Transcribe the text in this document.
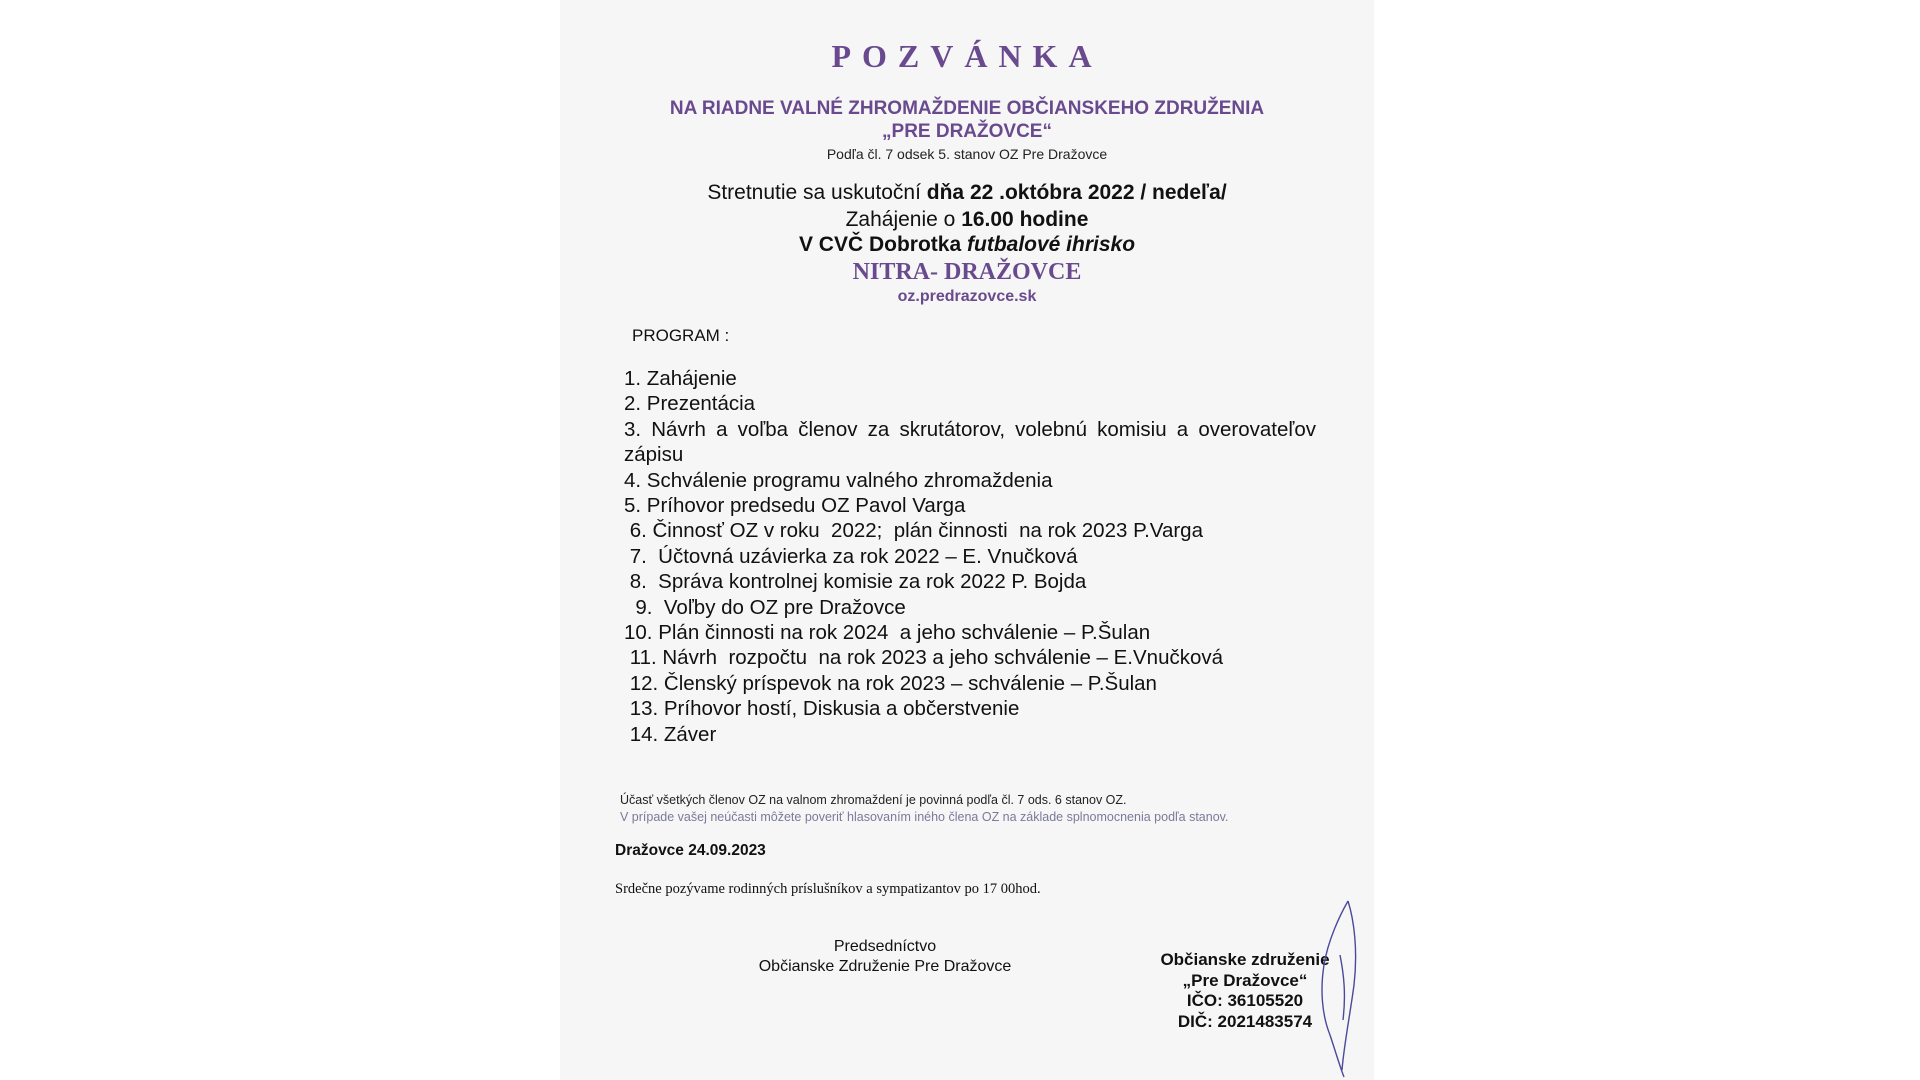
POZVÁNKA
NA RIADNE VALNÉ ZHROMAŽDENIE OBČIANSKEHO ZDRUŽENIA
„PRE DRAŽOVCE“
Podľa čl. 7 odsek 5. stanov OZ Pre Dražovce
Stretnutie sa uskutoční dňa 22 .októbra 2022 / nedeľa/
Zahájenie o 16.00 hodine
V CVČ Dobrotka futbalové ihrisko
NITRA- DRAŽOVCE
oz.predrazovce.sk
PROGRAM :
1. Zahájenie
2. Prezentácia
3. Návrh a voľba členov za skrutátorov, volebnú komisiu a overovateľov zápisu
4. Schválenie programu valného zhromaždenia
5. Príhovor predsedu OZ Pavol Varga
6. Činnosť OZ v roku  2022;  plán činnosti  na rok 2023 P.Varga
7.  Účtovná uzávierka za rok 2022 – E. Vnučková
8.  Správa kontrolnej komisie za rok 2022 P. Bojda
9.  Voľby do OZ pre Dražovce
10. Plán činnosti na rok 2024  a jeho schválenie – P.Šulan
11. Návrh  rozpočtu  na rok 2023 a jeho schválenie – E.Vnučková
12. Členský príspevok na rok 2023 – schválenie – P.Šulan
13. Príhovor hostí, Diskusia a občerstvenie
14. Záver
Účasť všetkých členov OZ na valnom zhromaždení je povinná podľa čl. 7 ods. 6 stanov OZ.
V prípade vašej neúčasti môžete poveriť hlasovaním iného člena OZ na základe splnomocnenia podľa stanov.
Dražovce 24.09.2023
Srdečne pozývame rodinných príslušníkov a sympatizantov po 17 00hod.
Predsedníctvo
Občianske Združenie Pre Dražovce	Občianske združenie
„Pre Dražovce“
IČO: 36105520
DIČ: 2021483574
